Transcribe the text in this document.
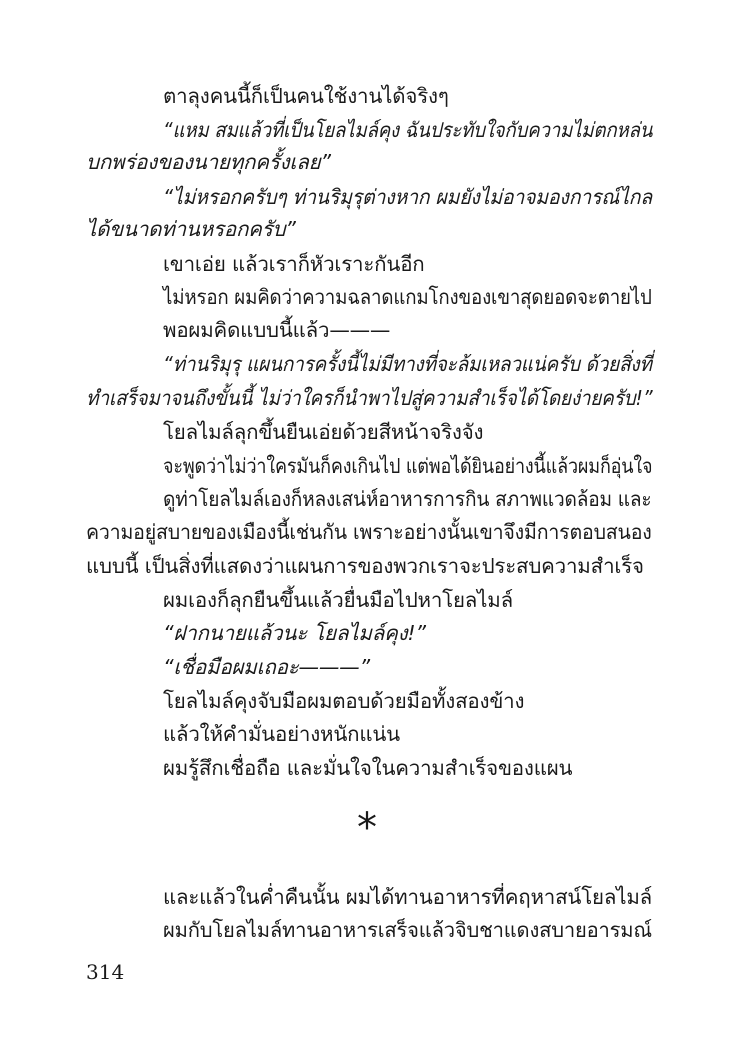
ตาลุงคนนี้ก็เป็นคนใช้งานได้จริงๆ
“แหม สมแล้วที่เป็นโยลไมล์คุง ฉันประทับใจกับความไม่ตกหล่น
บกพร่องของนายทุกครั้งเลย”
“ไม่หรอกครับๆ ท่านริมุรุต่างหาก ผมยังไม่อาจมองการณ์ไกล
ได้ขนาดท่านหรอกครับ”
เขาเอ่ย แล้วเราก็หัวเราะกันอีก
ไม่หรอก ผมคิดว่าความฉลาดแกมโกงของเขาสุดยอดจะตายไป
พอผมคิดแบบนี้แล้ว———
“ท่านริมุรุ แผนการครั้งนี้ไม่มีทางที่จะล้มเหลวแน่ครับ ด้วยสิ่งที่
ทำเสร็จมาจนถึงขั้นนี้ ไม่ว่าใครก็นำพาไปสู่ความสำเร็จได้โดยง่ายครับ!”
โยลไมล์ลุกขึ้นยืนเอ่ยด้วยสีหน้าจริงจัง
จะพูดว่าไม่ว่าใครมันก็คงเกินไป แต่พอได้ยินอย่างนี้แล้วผมก็อุ่นใจ
ดูท่าโยลไมล์เองก็หลงเสน่ห์อาหารการกิน สภาพแวดล้อม และ
ความอยู่สบายของเมืองนี้เช่นกัน เพราะอย่างนั้นเขาจึงมีการตอบสนอง
แบบนี้ เป็นสิ่งที่แสดงว่าแผนการของพวกเราจะประสบความสำเร็จ
ผมเองก็ลุกยืนขึ้นแล้วยื่นมือไปหาโยลไมล์
“ฝากนายแล้วนะ โยลไมล์คุง!”
“เชื่อมือผมเถอะ———”
โยลไมล์คุงจับมือผมตอบด้วยมือทั้งสองข้าง
แล้วให้คำมั่นอย่างหนักแน่น
ผมรู้สึกเชื่อถือ และมั่นใจในความสำเร็จของแผน
*
และแล้วในค่ำคืนนั้น ผมได้ทานอาหารที่คฤหาสน์โยลไมล์
ผมกับโยลไมล์ทานอาหารเสร็จแล้วจิบชาแดงสบายอารมณ์
314
